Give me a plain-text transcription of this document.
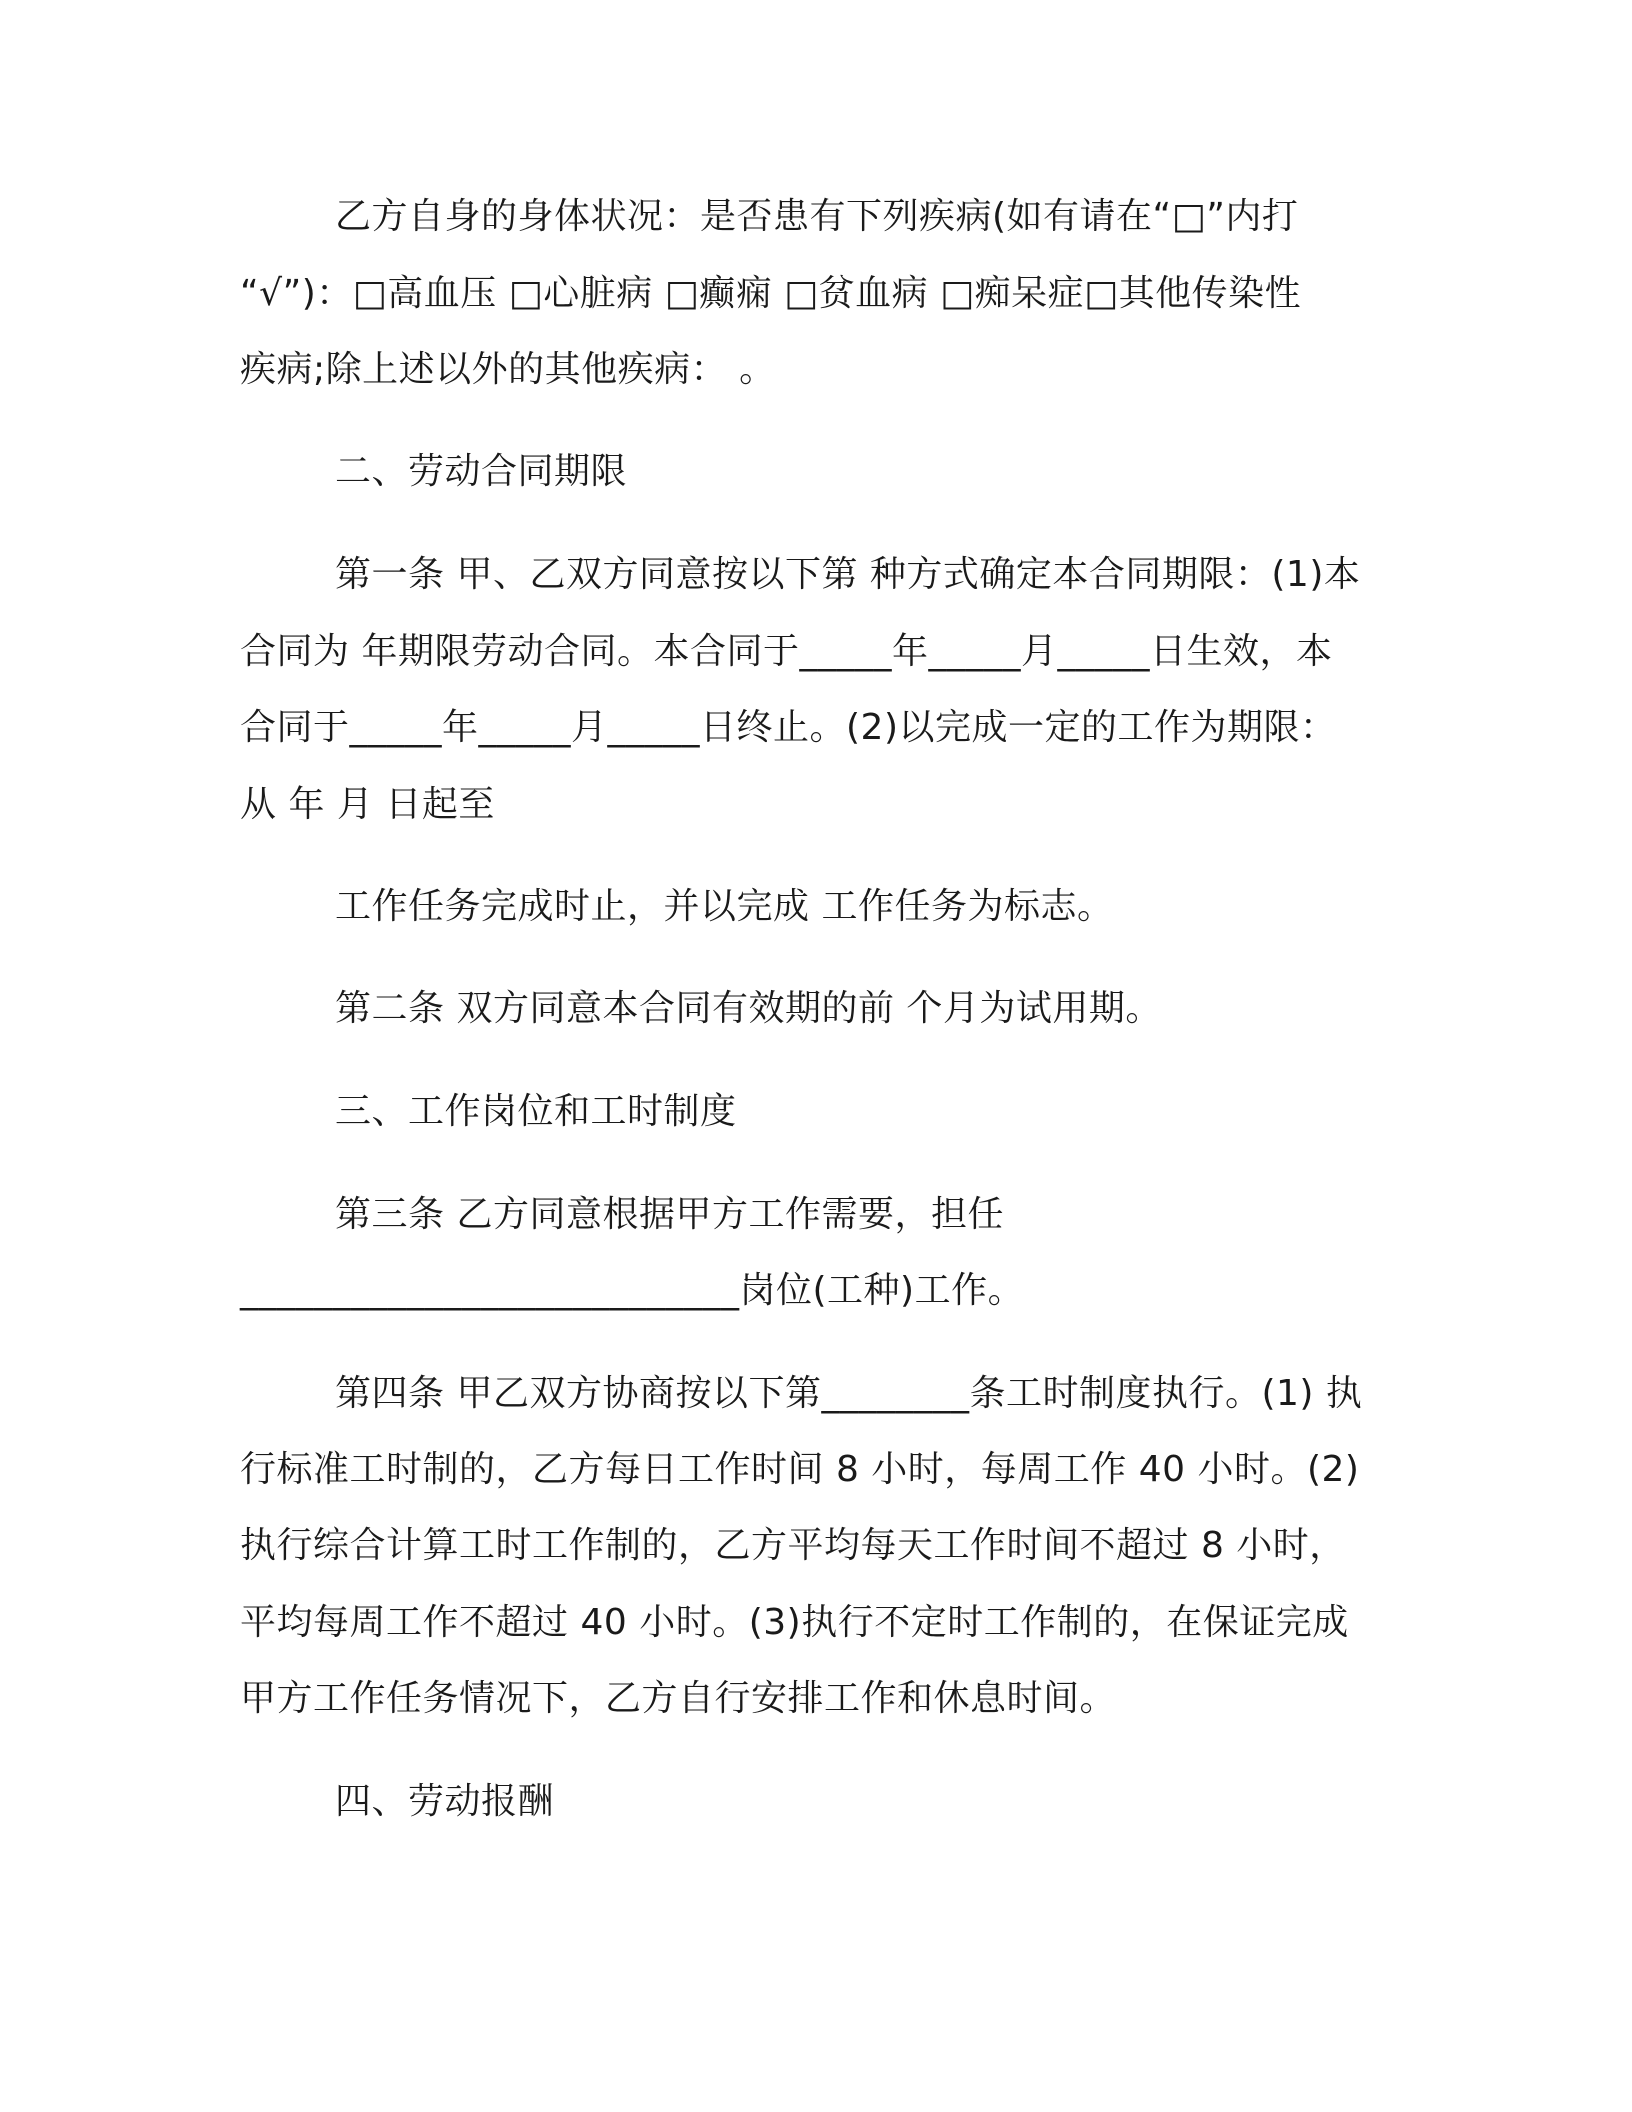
乙方自身的身体状况：是否患有下列疾病(如有请在“□”内打
“√”)：□高血压 □心脏病 □癫痫 □贫血病 □痴呆症□其他传染性
疾病;除上述以外的其他疾病： 。
二、劳动合同期限
第一条 甲、乙双方同意按以下第 种方式确定本合同期限：(1)本
合同为 年期限劳动合同。本合同于_____年_____月_____日生效，本
合同于_____年_____月_____日终止。(2)以完成一定的工作为期限：
从 年 月 日起至
工作任务完成时止，并以完成 工作任务为标志。
第二条 双方同意本合同有效期的前 个月为试用期。
三、工作岗位和工时制度
第三条 乙方同意根据甲方工作需要，担任
___________________________岗位(工种)工作。
第四条 甲乙双方协商按以下第________条工时制度执行。(1) 执
行标准工时制的，乙方每日工作时间 8 小时，每周工作 40 小时。(2)
执行综合计算工时工作制的，乙方平均每天工作时间不超过 8 小时，
平均每周工作不超过 40 小时。(3)执行不定时工作制的，在保证完成
甲方工作任务情况下，乙方自行安排工作和休息时间。
四、劳动报酬
